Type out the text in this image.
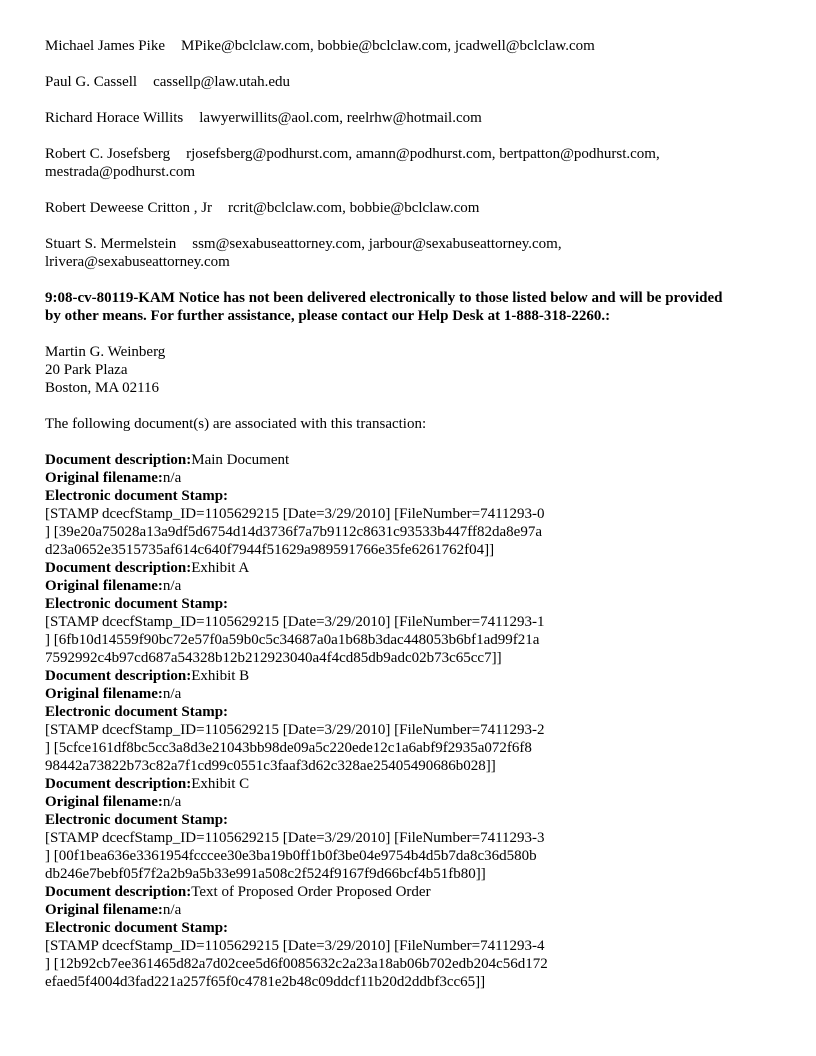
Michael James Pike MPike@bclclaw.com, bobbie@bclclaw.com, jcadwell@bclclaw.com
Paul G. Cassell cassellp@law.utah.edu
Richard Horace Willits lawyerwillits@aol.com, reelrhw@hotmail.com
Robert C. Josefsberg rjosefsberg@podhurst.com, amann@podhurst.com, bertpatton@podhurst.com,
mestrada@podhurst.com
Robert Deweese Critton , Jr rcrit@bclclaw.com, bobbie@bclclaw.com
Stuart S. Mermelstein ssm@sexabuseattorney.com, jarbour@sexabuseattorney.com,
lrivera@sexabuseattorney.com
9:08-cv-80119-KAM Notice has not been delivered electronically to those listed below and will be provided
by other means. For further assistance, please contact our Help Desk at 1-888-318-2260.:
Martin G. Weinberg
20 Park Plaza
Boston, MA 02116
The following document(s) are associated with this transaction:
Document description:Main Document
Original filename:n/a
Electronic document Stamp:
[STAMP dcecfStamp_ID=1105629215 [Date=3/29/2010] [FileNumber=7411293-0
] [39e20a75028a13a9df5d6754d14d3736f7a7b9112c8631c93533b447ff82da8e97a
d23a0652e3515735af614c640f7944f51629a989591766e35fe6261762f04]]
Document description:Exhibit A
Original filename:n/a
Electronic document Stamp:
[STAMP dcecfStamp_ID=1105629215 [Date=3/29/2010] [FileNumber=7411293-1
] [6fb10d14559f90bc72e57f0a59b0c5c34687a0a1b68b3dac448053b6bf1ad99f21a
7592992c4b97cd687a54328b12b212923040a4f4cd85db9adc02b73c65cc7]]
Document description:Exhibit B
Original filename:n/a
Electronic document Stamp:
[STAMP dcecfStamp_ID=1105629215 [Date=3/29/2010] [FileNumber=7411293-2
] [5cfce161df8bc5cc3a8d3e21043bb98de09a5c220ede12c1a6abf9f2935a072f6f8
98442a73822b73c82a7f1cd99c0551c3faaf3d62c328ae25405490686b028]]
Document description:Exhibit C
Original filename:n/a
Electronic document Stamp:
[STAMP dcecfStamp_ID=1105629215 [Date=3/29/2010] [FileNumber=7411293-3
] [00f1bea636e3361954fcccee30e3ba19b0ff1b0f3be04e9754b4d5b7da8c36d580b
db246e7bebf05f7f2a2b9a5b33e991a508c2f524f9167f9d66bcf4b51fb80]]
Document description:Text of Proposed Order Proposed Order
Original filename:n/a
Electronic document Stamp:
[STAMP dcecfStamp_ID=1105629215 [Date=3/29/2010] [FileNumber=7411293-4
] [12b92cb7ee361465d82a7d02cee5d6f0085632c2a23a18ab06b702edb204c56d172
efaed5f4004d3fad221a257f65f0c4781e2b48c09ddcf11b20d2ddbf3cc65]]
